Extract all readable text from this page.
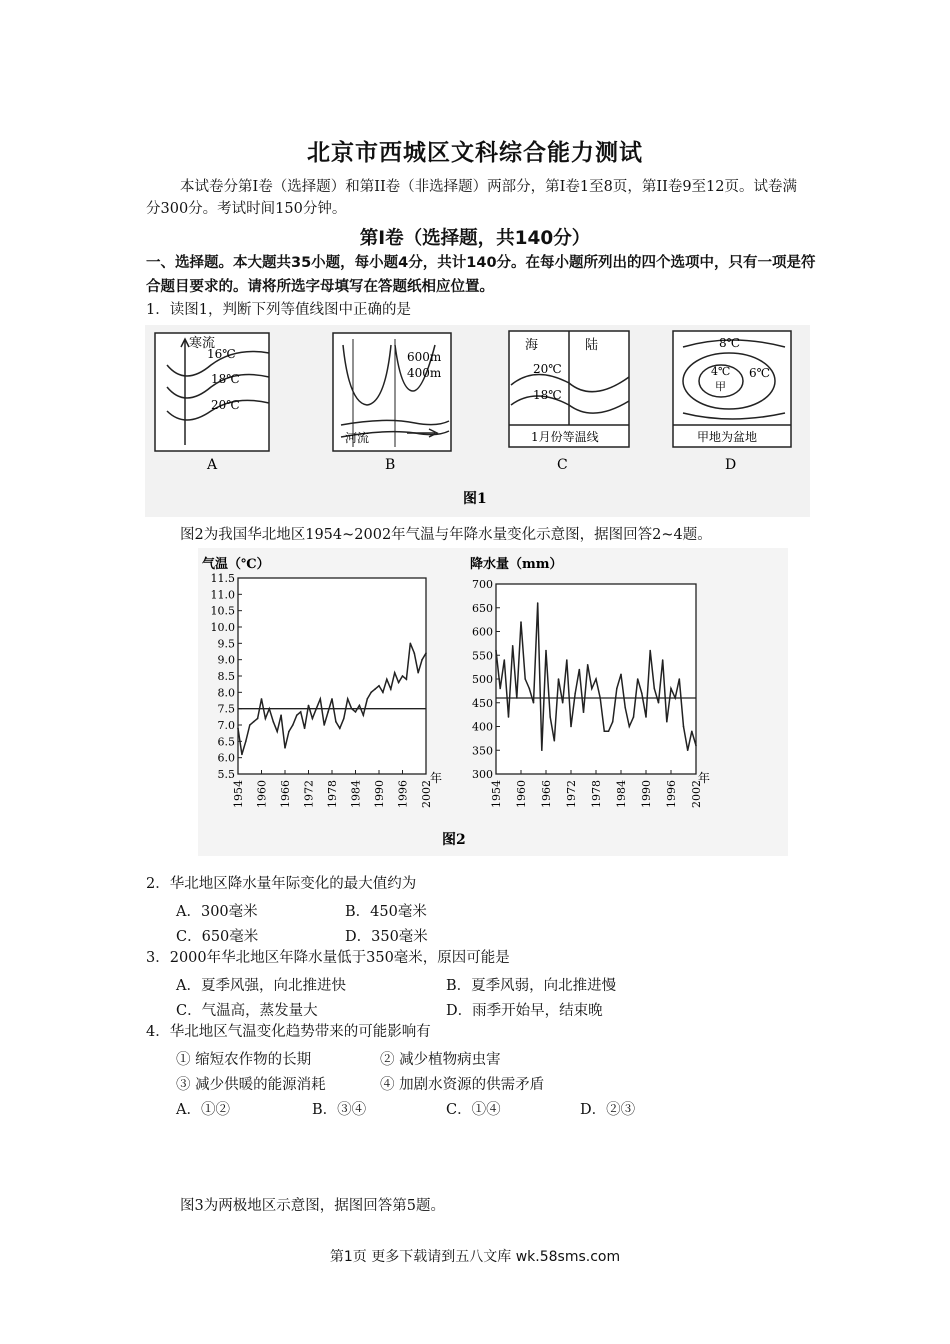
北京市西城区文科综合能力测试
本试卷分第I卷（选择题）和第II卷（非选择题）两部分，第I卷1至8页，第II卷9至12页。试卷满分300分。考试时间150分钟。
第I卷（选择题，共140分）
一、选择题。本大题共35小题，每小题4分，共计140分。在每小题所列出的四个选项中，只有一项是符合题目要求的。请将所选字母填写在答题纸相应位置。
1．读图1，判断下列等值线图中正确的是
寒流
16℃
18℃
20℃
A
600m
400m
河流
B
海	陆
20℃
18℃
1月份等温线
C
8℃
4℃ 6℃
甲
甲地为盆地
D
图1
图2为我国华北地区1954~2002年气温与年降水量变化示意图，据图回答2~4题。
气温（℃）	降水量（mm）
年	年
图2
11.5
11.0
10.5
10.0
9.5
9.0
8.5
8.0
7.5
7.0
6.5
6.0
5.5
1954 1960 1966 1972 1978 1984 1990 1996 2002
700
650
600
550
500
450
400
350
300
1954 1960 1966 1972 1978 1984 1990 1996 2002
2．华北地区降水量年际变化的最大值约为
A．300毫米	B．450毫米
C．650毫米	D．350毫米
3．2000年华北地区年降水量低于350毫米，原因可能是
A．夏季风强，向北推进快	B．夏季风弱，向北推进慢
C．气温高，蒸发量大	D．雨季开始早，结束晚
4．华北地区气温变化趋势带来的可能影响有
① 缩短农作物的长期	② 减少植物病虫害
③ 减少供暖的能源消耗	④ 加剧水资源的供需矛盾
A．①②	B．③④	C．①④	D．②③
图3为两极地区示意图，据图回答第5题。
第1页 更多下载请到五八文库 wk.58sms.com
